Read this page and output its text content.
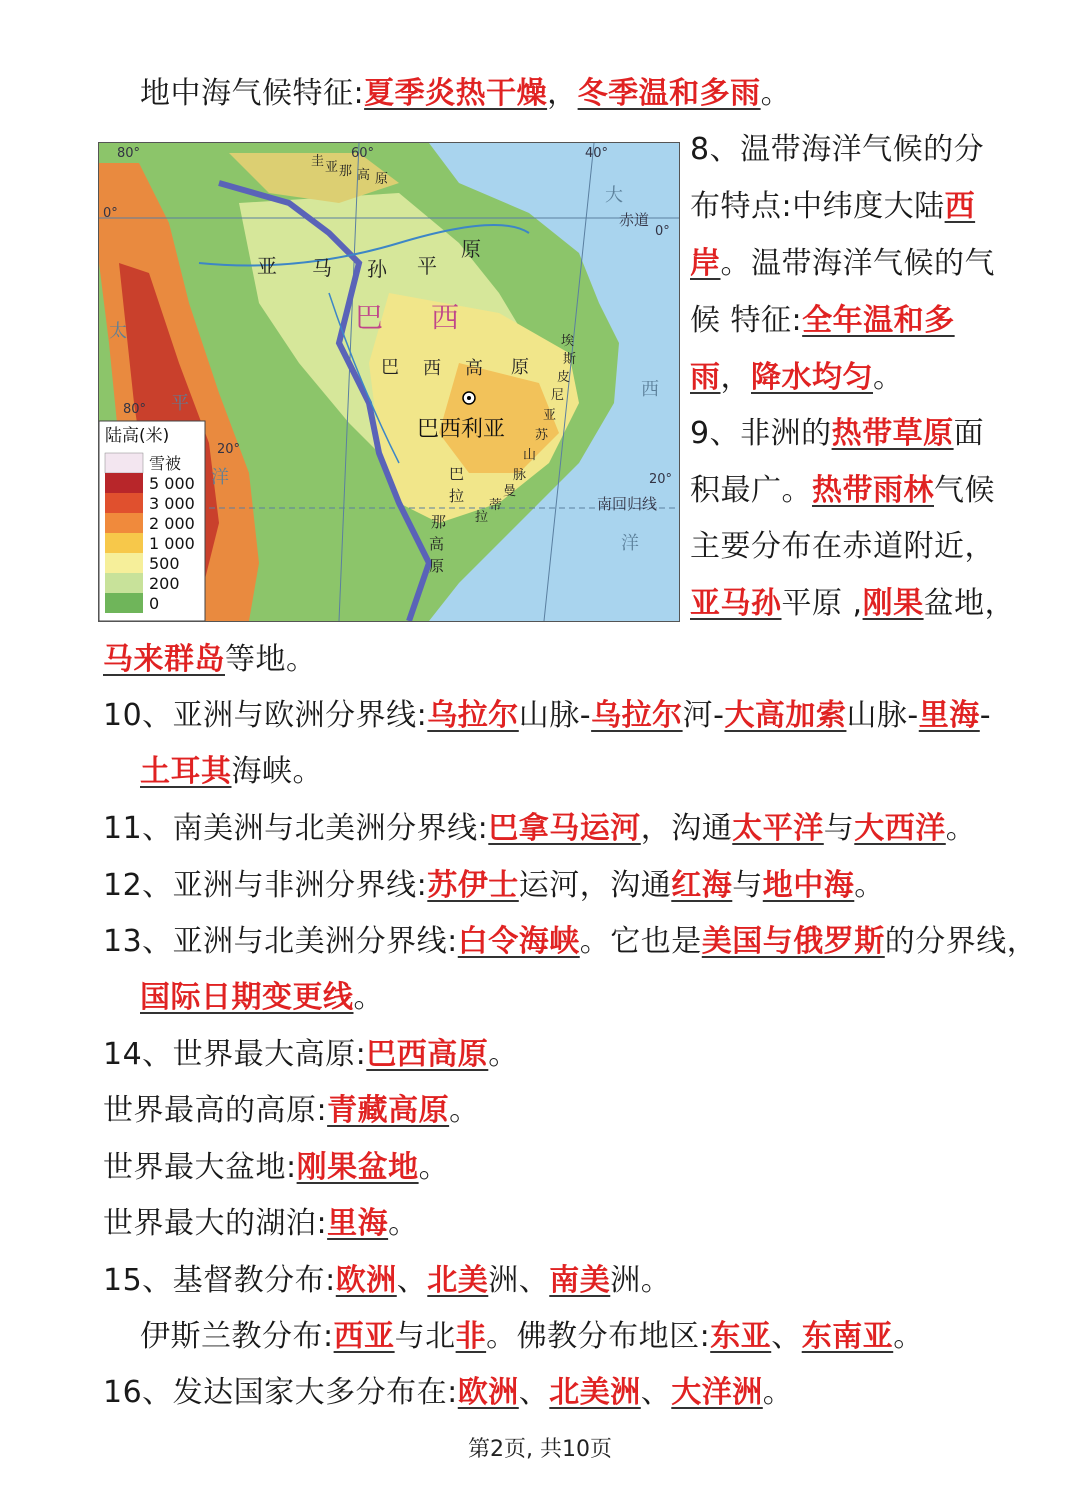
地中海气候特征:夏季炎热干燥，冬季温和多雨。
亚 马 孙 平
原
巴 西
巴 西 高 原
巴西利亚
太
平
洋
大
西
洋
赤道
南回归线
圭 亚 那 高 原
埃
斯
皮
尼
亚
苏
山
脉
曼
蒂
拉
巴
拉
那
高
原
80°	60°	40°
0°
0°
20°
20°
80°
陆高(米)
雪被
5 000
3 000
2 000
1 000
500
200
0
8、温带海洋气候的分
布特点:中纬度大陆西
岸。温带海洋气候的气
候 特征:全年温和多
雨，降水均匀。
9、非洲的热带草原面
积最广。热带雨林气候
主要分布在赤道附近，
亚马孙平原 ,刚果盆地，
马来群岛等地。
10、亚洲与欧洲分界线:乌拉尔山脉-乌拉尔河-大高加索山脉-里海-
土耳其海峡。
11、南美洲与北美洲分界线:巴拿马运河，沟通太平洋与大西洋。
12、亚洲与非洲分界线:苏伊士运河，沟通红海与地中海。
13、亚洲与北美洲分界线:白令海峡。它也是美国与俄罗斯的分界线，
国际日期变更线。
14、世界最大高原:巴西高原。
世界最高的高原:青藏高原。
世界最大盆地:刚果盆地。
世界最大的湖泊:里海。
15、基督教分布:欧洲、北美洲、南美洲。
伊斯兰教分布:西亚与北非。佛教分布地区:东亚、东南亚。
16、发达国家大多分布在:欧洲、北美洲、大洋洲。
第2页, 共10页
